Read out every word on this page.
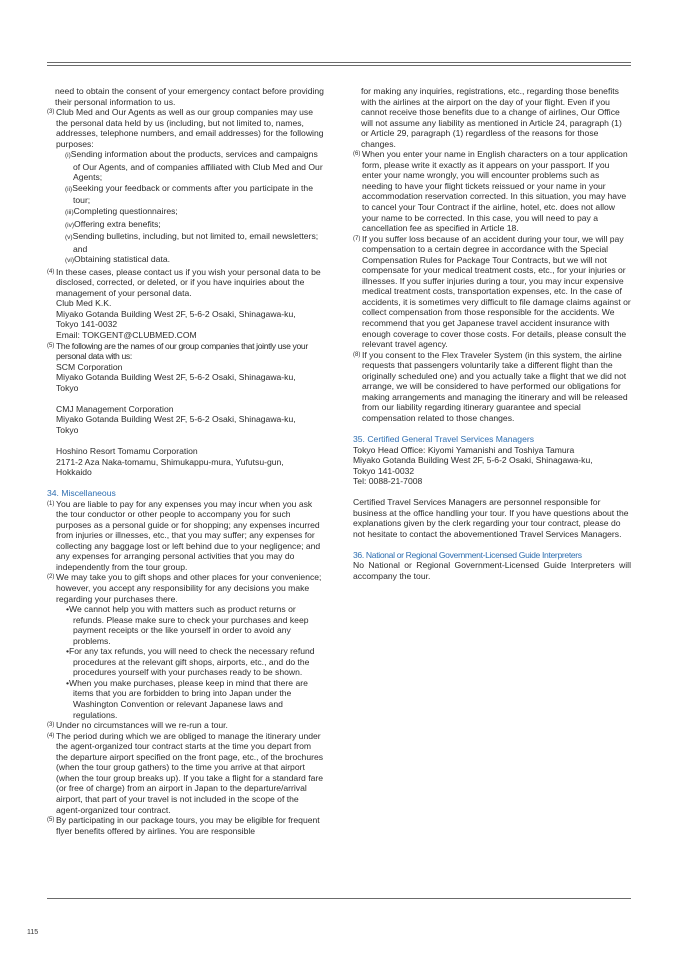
need to obtain the consent of your emergency contact before providing their personal information to us.

(3) Club Med and Our Agents as well as our group companies may use the personal data held by us (including, but not limited to, names, addresses, telephone numbers, and email addresses) for the following purposes:

(i)Sending information about the products, services and campaigns of Our Agents, and of companies affiliated with Club Med and Our Agents;

(ii)Seeking your feedback or comments after you participate in the tour;

(iii)Completing questionnaires;

(iv)Offering extra benefits;

(v)Sending bulletins, including, but not limited to, email newsletters; and

(vi)Obtaining statistical data.

(4) In these cases, please contact us if you wish your personal data to be disclosed, corrected, or deleted, or if you have inquiries about the management of your personal data.

Club Med K.K.

Miyako Gotanda Building West 2F, 5-6-2 Osaki, Shinagawa-ku,

Tokyo 141-0032

Email: TOKGENT@CLUBMED.COM

(5) The following are the names of our group companies that jointly use your personal data with us:

SCM Corporation

Miyako Gotanda Building West 2F, 5-6-2 Osaki, Shinagawa-ku,

Tokyo

CMJ Management Corporation

Miyako Gotanda Building West 2F, 5-6-2 Osaki, Shinagawa-ku,

Tokyo

Hoshino Resort Tomamu Corporation

2171-2 Aza Naka-tomamu, Shimukappu-mura, Yufutsu-gun,

Hokkaido

34. Miscellaneous

(1) You are liable to pay for any expenses you may incur when you ask the tour conductor or other people to accompany you for such purposes as a personal guide or for shopping; any expenses incurred from injuries or illnesses, etc., that you may suffer; any expenses for collecting any baggage lost or left behind due to your negligence; and any expenses for arranging personal activities that you may do independently from the tour group.

(2) We may take you to gift shops and other places for your convenience; however, you accept any responsibility for any decisions you make regarding your purchases there.

•We cannot help you with matters such as product returns or refunds. Please make sure to check your purchases and keep payment receipts or the like yourself in order to avoid any problems.

•For any tax refunds, you will need to check the necessary refund procedures at the relevant gift shops, airports, etc., and do the procedures yourself with your purchases ready to be shown.

•When you make purchases, please keep in mind that there are items that you are forbidden to bring into Japan under the Washington Convention or relevant Japanese laws and regulations.

(3) Under no circumstances will we re-run a tour.

(4) The period during which we are obliged to manage the itinerary under the agent-organized tour contract starts at the time you depart from the departure airport specified on the front page, etc., of the brochures (when the tour group gathers) to the time you arrive at that airport (when the tour group breaks up). If you take a flight for a standard fare (or free of charge) from an airport in Japan to the departure/arrival airport, that part of your travel is not included in the scope of the agent-organized tour contract.

(5) By participating in our package tours, you may be eligible for frequent flyer benefits offered by airlines. You are responsible

for making any inquiries, registrations, etc., regarding those benefits with the airlines at the airport on the day of your flight. Even if you cannot receive those benefits due to a change of airlines, Our Office will not assume any liability as mentioned in Article 24, paragraph (1) or Article 29, paragraph (1) regardless of the reasons for those changes.

(6) When you enter your name in English characters on a tour application form, please write it exactly as it appears on your passport. If you enter your name wrongly, you will encounter problems such as needing to have your flight tickets reissued or your name in your accommodation reservation corrected. In this situation, you may have to cancel your Tour Contract if the airline, hotel, etc. does not allow your name to be corrected. In this case, you will need to pay a cancellation fee as specified in Article 18.

(7) If you suffer loss because of an accident during your tour, we will pay compensation to a certain degree in accordance with the Special Compensation Rules for Package Tour Contracts, but we will not compensate for your medical treatment costs, etc., for your injuries or illnesses. If you suffer injuries during a tour, you may incur expensive medical treatment costs, transportation expenses, etc. In the case of accidents, it is sometimes very difficult to file damage claims against or collect compensation from those responsible for the accidents. We recommend that you get Japanese travel accident insurance with enough coverage to cover those costs. For details, please consult the relevant travel agency.

(8) If you consent to the Flex Traveler System (in this system, the airline requests that passengers voluntarily take a different flight than the originally scheduled one) and you actually take a flight that we did not arrange, we will be considered to have performed our obligations for making arrangements and managing the itinerary and will be released from our liability regarding itinerary guarantee and special compensation related to those changes.

35. Certified General Travel Services Managers

Tokyo Head Office: Kiyomi Yamanishi and Toshiya Tamura

Miyako Gotanda Building West 2F, 5-6-2 Osaki, Shinagawa-ku,

Tokyo 141-0032

Tel: 0088-21-7008

Certified Travel Services Managers are personnel responsible for business at the office handling your tour. If you have questions about the explanations given by the clerk regarding your tour contract, please do not hesitate to contact the abovementioned Travel Services Managers.

36. National or Regional Government-Licensed Guide Interpreters

No National or Regional Government-Licensed Guide Interpreters will accompany the tour.

115
